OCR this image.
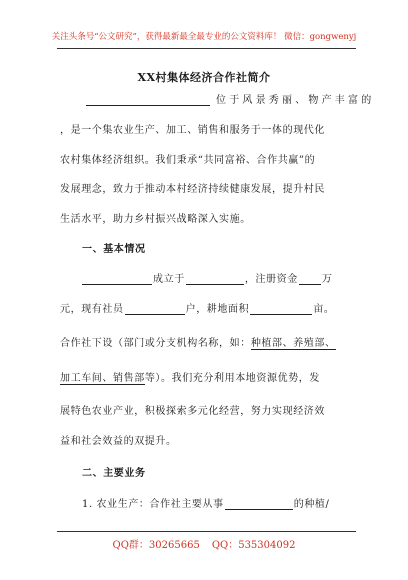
关注头条号“公文研究”，获得最新最全最专业的公文资料库！ 微信：gongwenyj
XX村集体经济合作社简介
位于风景秀丽、物产丰富的
，是一个集农业生产、加工、销售和服务于一体的现代化
农村集体经济组织。我们秉承“共同富裕、合作共赢”的
发展理念，致力于推动本村经济持续健康发展，提升村民
生活水平，助力乡村振兴战略深入实施。
一、基本情况
成立于	，注册资金 万
元，现有社员	户，耕地面积	亩。
合作社下设（部门或分支机构名称，如：种植部、养殖部、
加工车间、销售部等）。我们充分利用本地资源优势，发
展特色农业产业，积极探索多元化经营，努力实现经济效
益和社会效益的双提升。
二、主要业务
1. 农业生产：合作社主要从事	的种植/
QQ群：30265665 QQ：535304092
